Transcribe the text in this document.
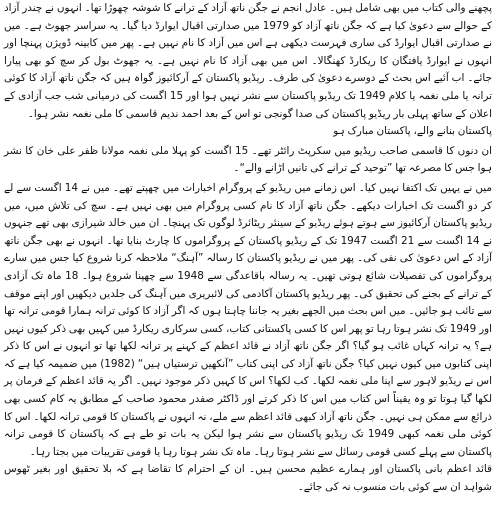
پچھنے والی کتاب میں بھی شامل ہیں۔ عادل انجم نے جگن ناتھ آزاد کے ترانے کا شوشہ چھوڑا تھا۔ انہوں نے چندر آزاد کے حوالے سے دعویٰ کیا ہے کہ جگن ناتھ آزاد کو 1979 میں صدارتی اقبال ایوارڈ دیا گیا۔ یہ سراسر جھوٹ ہے۔ میں نے صدارتی اقبال ایوارڈ کی ساری فہرست دیکھی ہے اس میں آزاد کا نام نہیں ہے۔ پھر میں کابینہ ڈویژن پہنچا اور انہوں نے ایوارڈ یافتگان کا ریکارڈ کھنگالا۔ اس میں بھی آزاد کا نام نہیں ہے۔ یہ جھوٹ بول کر سچ کو بھی پیارا جائے۔ اب آئیے اس بحث کے دوسرے دعویٰ کی طرف۔ ریڈیو پاکستان کے آرکائیوز گواہ ہیں کہ جگن ناتھ آزاد کا کوئی ترانہ یا ملی نغمہ یا کلام 1949 تک ریڈیو پاکستان سے نشر نہیں ہوا اور 15 اگست کی درمیانی شب جب آزادی کے اعلان کے ساتھ پہلی بار ریڈیو پاکستان کی صدا گونجی تو اس کے بعد احمد ندیم قاسمی کا ملی نغمہ نشر ہوا۔

پاکستان بنانے والے، پاکستان مبارک ہو

ان دنوں کا قاسمی صاحب ریڈیو میں سکرپٹ رائٹر تھے۔ 15 اگست کو پہلا ملی نغمہ مولانا ظفر علی خان کا نشر ہوا جس کا مصرعہ تھا ”توحید کے ترانے کی تانیں اڑانے والے“۔

میں نے یہیں تک اکتفا نہیں کیا۔ اس زمانے میں ریڈیو کے پروگرام اخبارات میں چھپتے تھے۔ میں نے 14 اگست سے لے کر دو اگست تک اخبارات دیکھے۔ جگن ناتھ آزاد کا نام کسی پروگرام میں بھی نہیں ہے۔ سچ کی تلاش میں، میں ریڈیو پاکستان آرکائیوز سے ہوتے ہوئے ریڈیو کے سینئر ریٹائرڈ لوگوں تک پہنچا۔ ان میں خالد شیرازی بھی تھے جنہوں نے 14 اگست سے 21 اگست 1947 تک کے ریڈیو پاکستان کے پروگراموں کا چارٹ بنایا تھا۔ انہوں نے بھی جگن ناتھ آزاد کے اس دعویٰ کی نفی کی۔ پھر میں نے ریڈیو پاکستان کا رسالہ ”آہنگ“ ملاحظہ کرنا شروع کیا جس میں سارے پروگراموں کی تفصیلات شائع ہوتی تھیں۔ یہ رسالہ باقاعدگی سے 1948 سے چھپنا شروع ہوا۔ 18 ماہ تک آزادی کے ترانے کے بجنے کی تحقیق کی۔ پھر ریڈیو پاکستان آکادمی کی لائبریری میں آہنگ کی جلدیں دیکھیں اور اپنے موقف سے تائب ہو جائیں۔ میں اس بحث میں الجھے بغیر یہ جاننا چاہتا ہوں کہ اگر آزاد کا کوئی ترانہ ہمارا قومی ترانہ تھا اور 1949 تک نشر ہوتا رہا تو پھر اس کا کسی پاکستانی کتاب، کسی سرکاری ریکارڈ میں کہیں بھی ذکر کیوں نہیں ہے؟ یہ ترانہ کہاں غائب ہو گیا؟ اگر جگن ناتھ آزاد نے قائد اعظم کے کہنے پر ترانہ لکھا تھا تو انہوں نے اس کا ذکر اپنی کتابوں میں کیوں نہیں کیا؟ جگن ناتھ آزاد کی اپنی کتاب ”آنکھیں ترستیاں ہیں“ (1982) میں ضمیمہ کیا ہے کہ اس نے ریڈیو لاہور سے اپنا ملی نغمہ لکھا۔ کب لکھا؟ اس کا کہیں ذکر موجود نہیں۔ اگر یہ قائد اعظم کے فرمان پر لکھا گیا ہوتا تو وہ یقیناً اس کتاب میں اس کا ذکر کرتے اور ڈاکٹر صفدر محمود صاحب کے مطابق یہ کام کسی بھی ذرائع سے ممکن ہی نہیں۔ جگن ناتھ آزاد کبھی قائد اعظم سے ملے، نہ انہوں نے پاکستان کا قومی ترانہ لکھا۔ اس کا کوئی ملی نغمہ کبھی 1949 تک ریڈیو پاکستان سے نشر ہوا لیکن یہ بات تو طے ہے کہ پاکستان کا قومی ترانہ پاکستان سے پہلے کسی قومی رسائل سے نشر ہوتا رہا۔ ماہ تک نشر ہوتا رہا یا قومی تقریبات میں بجتا رہا۔

قائد اعظم بانی پاکستان اور ہمارے عظیم محسن ہیں۔ ان کے احترام کا تقاضا ہے کہ بلا تحقیق اور بغیر ٹھوس شواہد ان سے کوئی بات منسوب نہ کی جائے۔
